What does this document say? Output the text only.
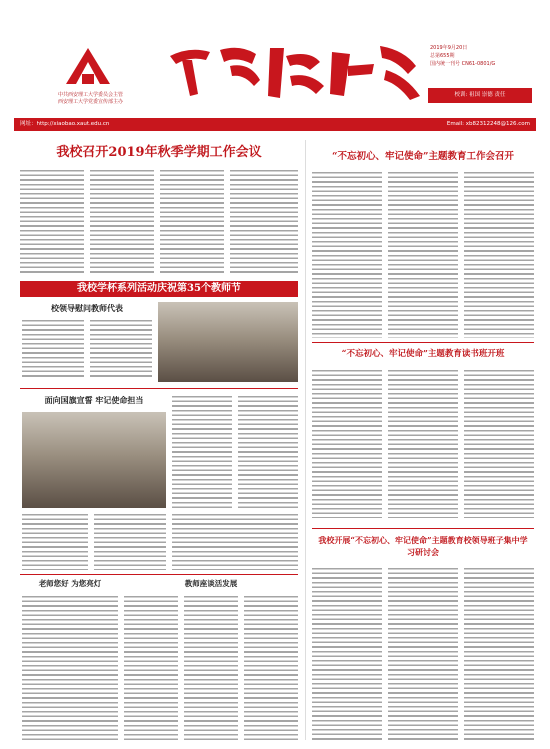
中共西安理工大学委员会主管
西安理工大学党委宣传部主办
2019年9月20日
总第655期
国内统一刊号 CN61-0801/G
校训: 祖国 崇德 责任
网址：http://xiaobao.xaut.edu.cn	Email: xb82312248@126.com
我校召开2019年秋季学期工作会议	“不忘初心、牢记使命”主题教育工作会召开
我校学杯系列活动庆祝第35个教师节
校领导慰问教师代表
面向国旗宣誓 牢记使命担当
老师您好 为您亮灯	教师座谈活发展
“不忘初心、牢记使命”主题教育读书班开班
我校开展“不忘初心、牢记使命”主题教育校领导班子集中学习研讨会
